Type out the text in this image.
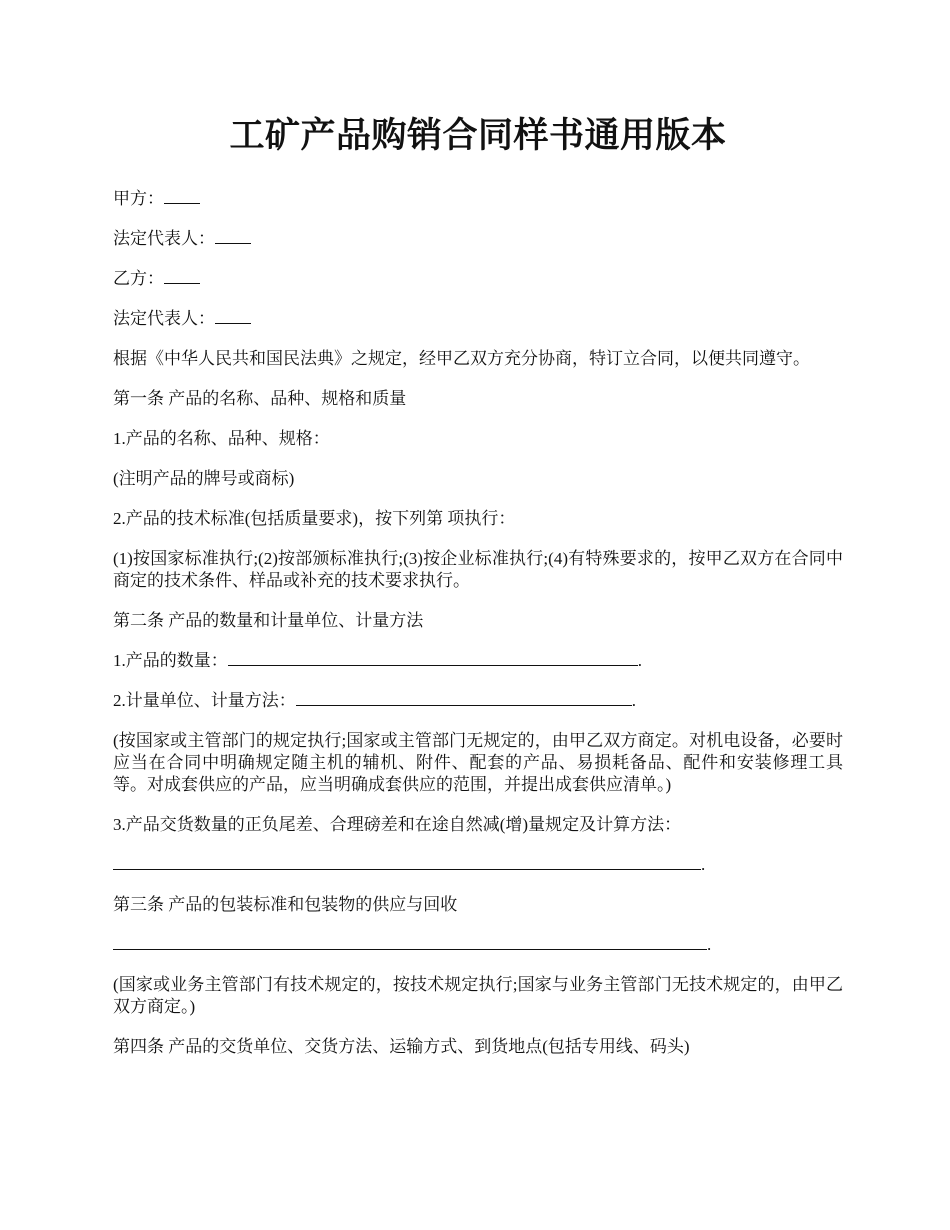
工矿产品购销合同样书通用版本

甲方：

法定代表人：

乙方：

法定代表人：

根据《中华人民共和国民法典》之规定，经甲乙双方充分协商，特订立合同，以便共同遵守。

第一条 产品的名称、品种、规格和质量

1.产品的名称、品种、规格：

(注明产品的牌号或商标)

2.产品的技术标准(包括质量要求)，按下列第 项执行：

(1)按国家标准执行;(2)按部颁标准执行;(3)按企业标准执行;(4)有特殊要求的，按甲乙双方在合同中商定的技术条件、样品或补充的技术要求执行。

第二条 产品的数量和计量单位、计量方法

1.产品的数量：	.

2.计量单位、计量方法：	.

(按国家或主管部门的规定执行;国家或主管部门无规定的，由甲乙双方商定。对机电设备，必要时应当在合同中明确规定随主机的辅机、附件、配套的产品、易损耗备品、配件和安装修理工具等。对成套供应的产品，应当明确成套供应的范围，并提出成套供应清单。)

3.产品交货数量的正负尾差、合理磅差和在途自然减(增)量规定及计算方法：

.

第三条 产品的包装标准和包装物的供应与回收

.

(国家或业务主管部门有技术规定的，按技术规定执行;国家与业务主管部门无技术规定的，由甲乙双方商定。)

第四条 产品的交货单位、交货方法、运输方式、到货地点(包括专用线、码头)
